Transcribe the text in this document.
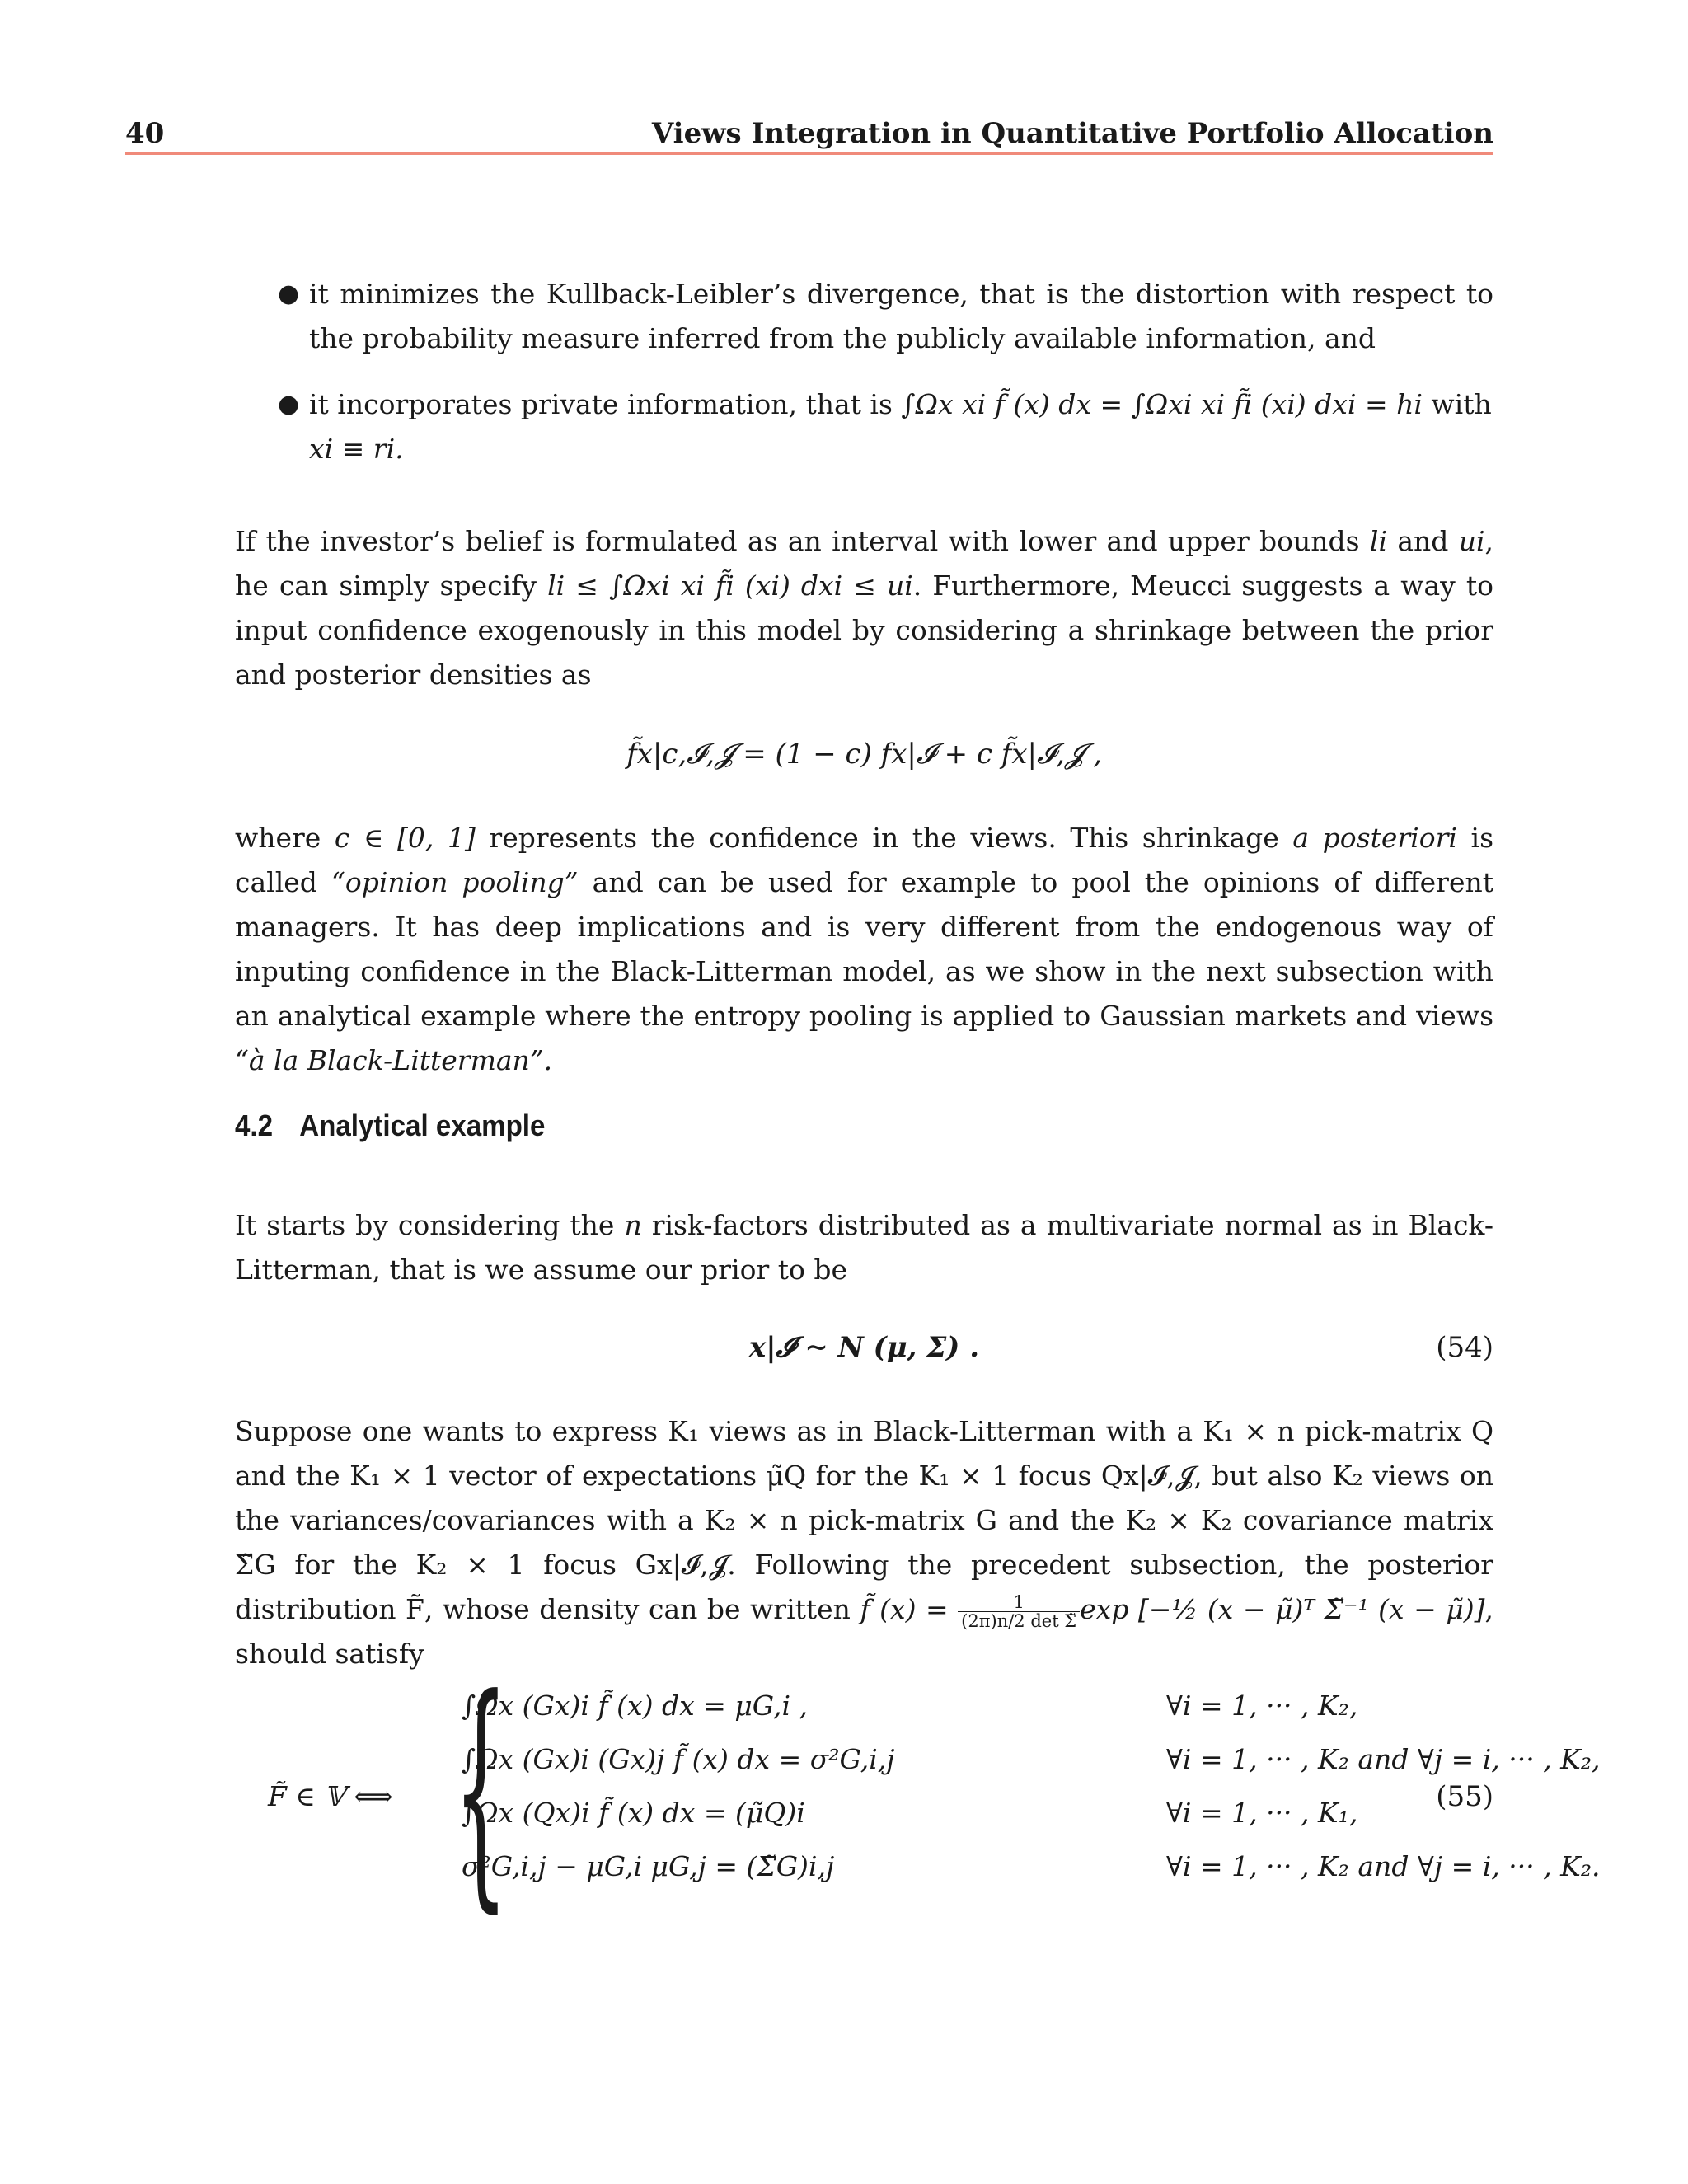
40	Views Integration in Quantitative Portfolio Allocation
● it minimizes the Kullback-Leibler’s divergence, that is the distortion with respect to the probability measure inferred from the publicly available information, and
● it incorporates private information, that is ∫Ωx xi f̃ (x) dx = ∫Ωxi xi f̃i (xi) dxi = hi with
xi ≡ ri.
If the investor’s belief is formulated as an interval with lower and upper bounds li and ui, he can simply specify li ≤ ∫Ωxi xi f̃i (xi) dxi ≤ ui. Furthermore, Meucci suggests a way to input confidence exogenously in this model by considering a shrinkage between the prior and posterior densities as
f̃x|c,𝓘,𝓙 = (1 − c) fx|𝓘 + c f̃x|𝓘,𝓙 ,
where c ∈ [0, 1] represents the confidence in the views. This shrinkage a posteriori is called “opinion pooling” and can be used for example to pool the opinions of different managers. It has deep implications and is very different from the endogenous way of inputing confidence in the Black-Litterman model, as we show in the next subsection with an analytical example where the entropy pooling is applied to Gaussian markets and views “à la Black-Litterman”.
4.2 Analytical example
It starts by considering the n risk-factors distributed as a multivariate normal as in Black- Litterman, that is we assume our prior to be
x|𝓘 ∼ N (μ, Σ) .	(54)
Suppose one wants to express K₁ views as in Black-Litterman with a K₁ × n pick-matrix Q and the K₁ × 1 vector of expectations μ̃Q for the K₁ × 1 focus Qx|𝓘,𝓙, but also K₂ views on the variances/covariances with a K₂ × n pick-matrix G and the K₂ × K₂ covariance matrix Σ̃G for the K₂ × 1 focus Gx|𝓘,𝓙. Following the precedent subsection, the posterior distribution F̃, whose density can be written f̃ $(x) = \frac{1}{\text{(2π)n/2 det Σ̃}}$ exp [−½ (x − μ̃)ᵀ Σ̃⁻¹ (x − μ̃)], should satisfy
F̃ ∈ 𝕍 ⟺ {
∫Ωx (Gx)i f̃ (x) dx = μG,i ,	∀i = 1, ··· , K₂,
∫Ωx (Gx)i (Gx)j f̃ (x) dx = σ²G,i,j	∀i = 1, ··· , K₂ and ∀j = i, ··· , K₂,
∫Ωx (Qx)i f̃ (x) dx = (μ̃Q)i	∀i = 1, ··· , K₁,
σ²G,i,j − μG,i μG,j = (Σ̃G)i,j	∀i = 1, ··· , K₂ and ∀j = i, ··· , K₂.
(55)
